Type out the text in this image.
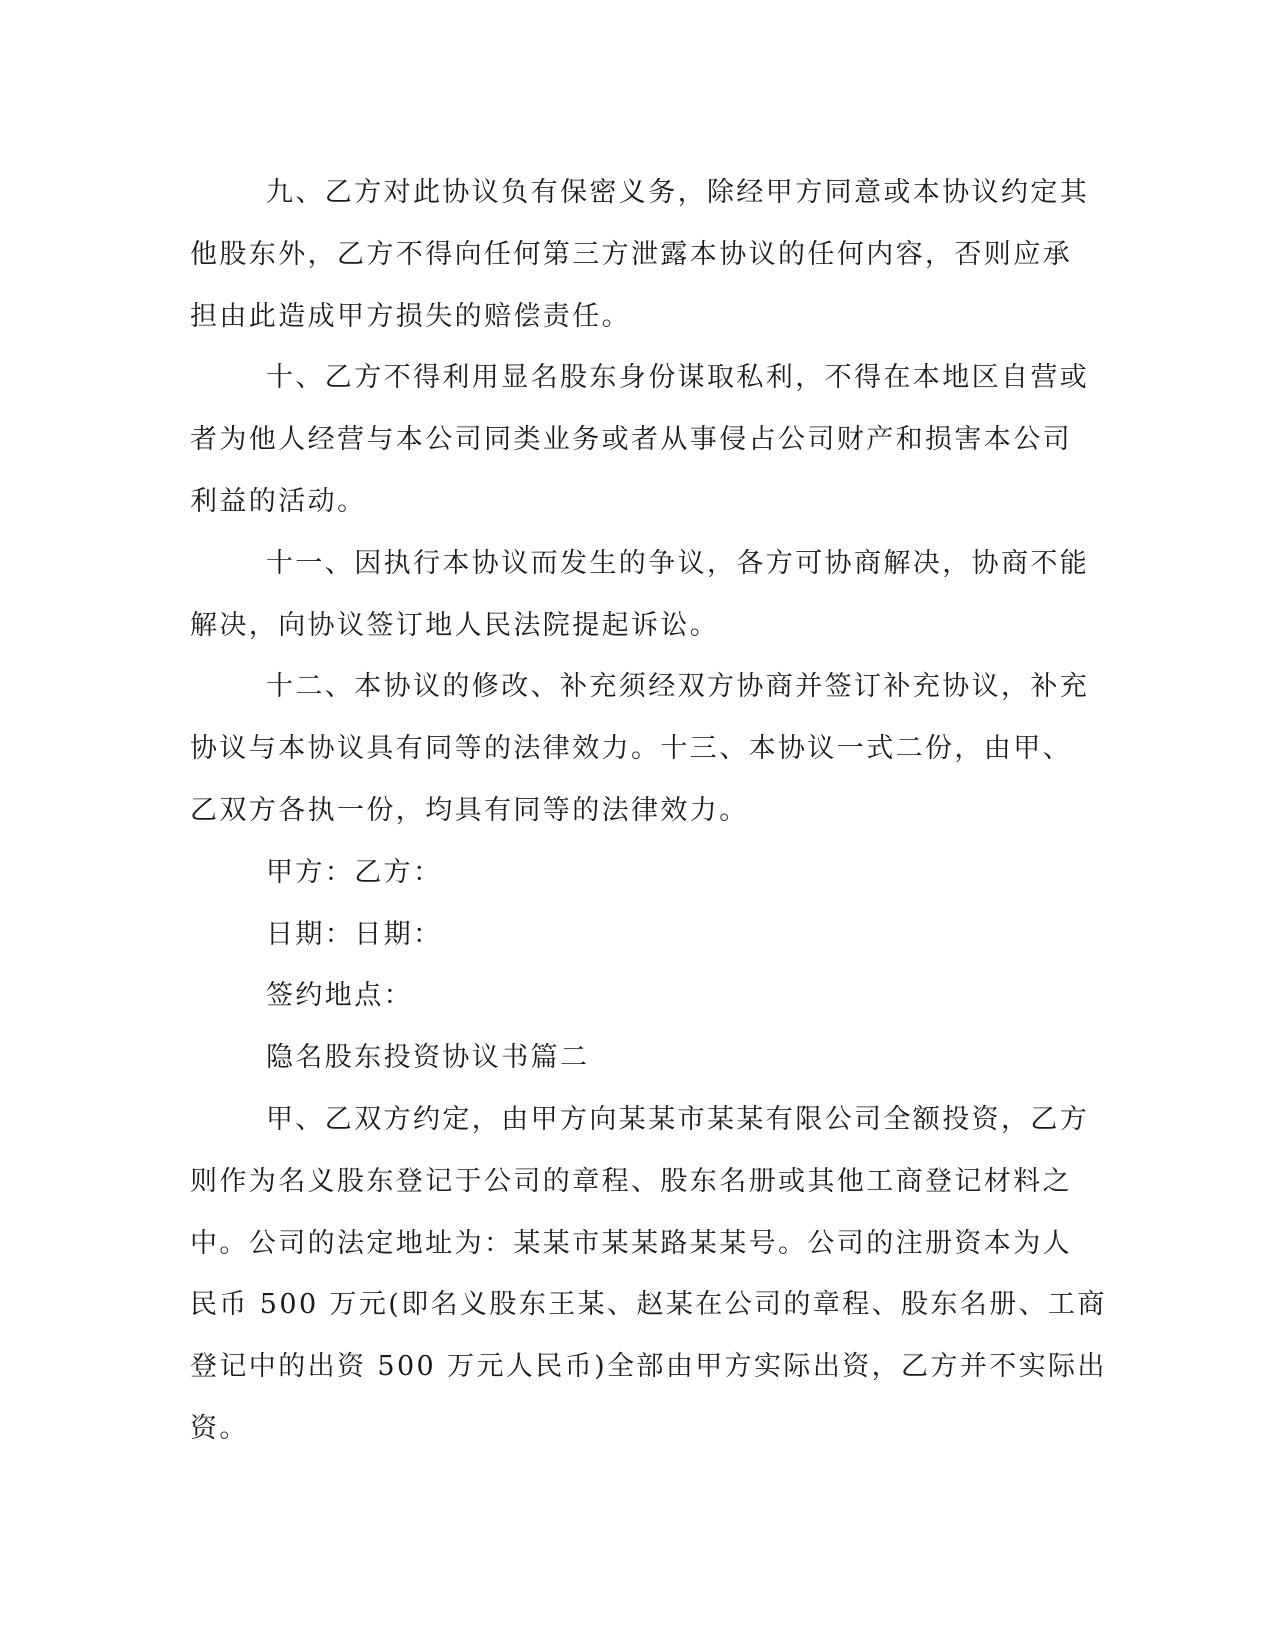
九、乙方对此协议负有保密义务，除经甲方同意或本协议约定其
他股东外，乙方不得向任何第三方泄露本协议的任何内容，否则应承
担由此造成甲方损失的赔偿责任。
十、乙方不得利用显名股东身份谋取私利，不得在本地区自营或
者为他人经营与本公司同类业务或者从事侵占公司财产和损害本公司
利益的活动。
十一、因执行本协议而发生的争议，各方可协商解决，协商不能
解决，向协议签订地人民法院提起诉讼。
十二、本协议的修改、补充须经双方协商并签订补充协议，补充
协议与本协议具有同等的法律效力。十三、本协议一式二份，由甲、
乙双方各执一份，均具有同等的法律效力。
甲方：乙方：
日期：日期：
签约地点：
隐名股东投资协议书篇二
甲、乙双方约定，由甲方向某某市某某有限公司全额投资，乙方
则作为名义股东登记于公司的章程、股东名册或其他工商登记材料之
中。公司的法定地址为：某某市某某路某某号。公司的注册资本为人
民币 500 万元(即名义股东王某、赵某在公司的章程、股东名册、工商
登记中的出资 500 万元人民币)全部由甲方实际出资，乙方并不实际出
资。
